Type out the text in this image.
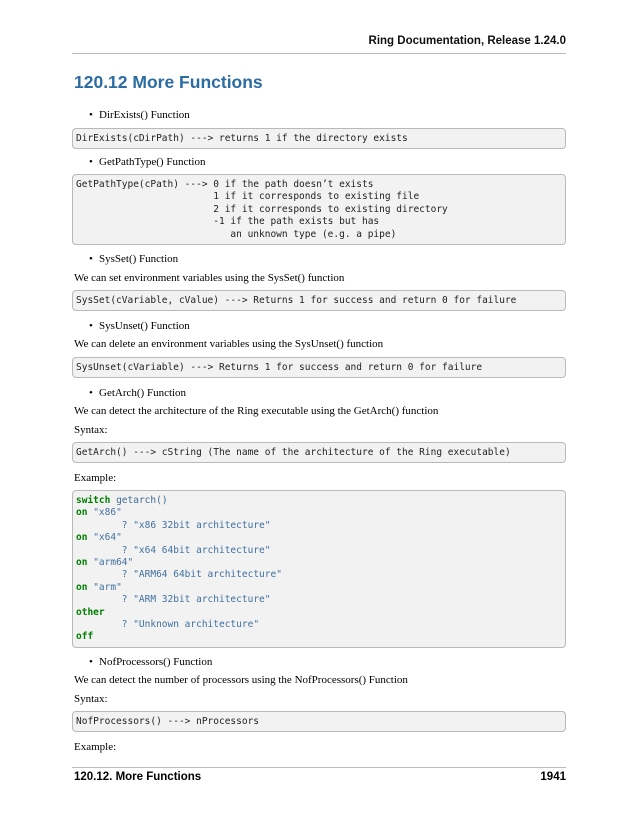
Ring Documentation, Release 1.24.0
120.12 More Functions
• DirExists() Function
DirExists(cDirPath) ---> returns 1 if the directory exists
• GetPathType() Function
GetPathType(cPath) ---> 0 if the path doesn’t exists
1 if it corresponds to existing file
2 if it corresponds to existing directory
-1 if the path exists but has
an unknown type (e.g. a pipe)
• SysSet() Function
We can set environment variables using the SysSet() function
SysSet(cVariable, cValue) ---> Returns 1 for success and return 0 for failure
• SysUnset() Function
We can delete an environment variables using the SysUnset() function
SysUnset(cVariable) ---> Returns 1 for success and return 0 for failure
• GetArch() Function
We can detect the architecture of the Ring executable using the GetArch() function
Syntax:
GetArch() ---> cString (The name of the architecture of the Ring executable)
Example:
switch getarch()
on "x86"
? "x86 32bit architecture"
on "x64"
? "x64 64bit architecture"
on "arm64"
? "ARM64 64bit architecture"
on "arm"
? "ARM 32bit architecture"
other
? "Unknown architecture"
off
• NofProcessors() Function
We can detect the number of processors using the NofProcessors() Function
Syntax:
NofProcessors() ---> nProcessors
Example:
120.12. More Functions	1941
